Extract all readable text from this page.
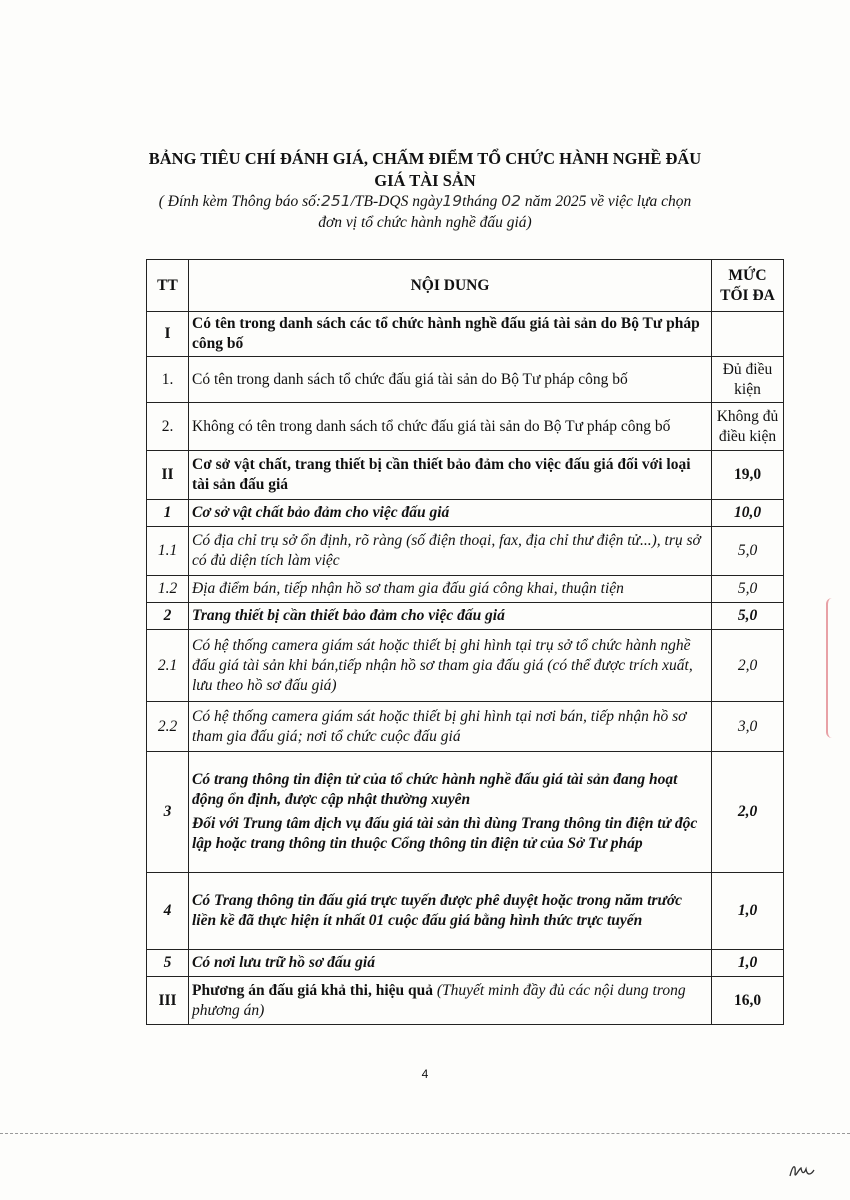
BẢNG TIÊU CHÍ ĐÁNH GIÁ, CHẤM ĐIỂM TỔ CHỨC HÀNH NGHỀ ĐẤU
GIÁ TÀI SẢN
( Đính kèm Thông báo số:251/TB-DQS ngày19tháng 02 năm 2025 về việc lựa chọn
đơn vị tổ chức hành nghề đấu giá)
TT	NỘI DUNG	MỨC TỐI ĐA
I	Có tên trong danh sách các tổ chức hành nghề đấu giá tài sản do Bộ Tư pháp công bố	
1.	Có tên trong danh sách tổ chức đấu giá tài sản do Bộ Tư pháp công bố	Đủ điều kiện
2.	Không có tên trong danh sách tổ chức đấu giá tài sản do Bộ Tư pháp công bố	Không đủ điều kiện
II	Cơ sở vật chất, trang thiết bị cần thiết bảo đảm cho việc đấu giá đối với loại tài sản đấu giá	19,0
1	Cơ sở vật chất bảo đảm cho việc đấu giá	10,0
1.1	Có địa chỉ trụ sở ổn định, rõ ràng (số điện thoại, fax, địa chỉ thư điện tử...), trụ sở có đủ diện tích làm việc	5,0
1.2	Địa điểm bán, tiếp nhận hồ sơ tham gia đấu giá công khai, thuận tiện	5,0
2	Trang thiết bị cần thiết bảo đảm cho việc đấu giá	5,0
2.1	Có hệ thống camera giám sát hoặc thiết bị ghi hình tại trụ sở tổ chức hành nghề đấu giá tài sản khi bán,tiếp nhận hồ sơ tham gia đấu giá (có thể được trích xuất, lưu theo hồ sơ đấu giá)	2,0
2.2	Có hệ thống camera giám sát hoặc thiết bị ghi hình tại nơi bán, tiếp nhận hồ sơ tham gia đấu giá; nơi tổ chức cuộc đấu giá	3,0
3	Có trang thông tin điện tử của tổ chức hành nghề đấu giá tài sản đang hoạt động ổn định, được cập nhật thường xuyên
Đối với Trung tâm dịch vụ đấu giá tài sản thì dùng Trang thông tin điện tử độc lập hoặc trang thông tin thuộc Cổng thông tin điện tử của Sở Tư pháp	2,0
4	Có Trang thông tin đấu giá trực tuyến được phê duyệt hoặc trong năm trước liền kề đã thực hiện ít nhất 01 cuộc đấu giá bằng hình thức trực tuyến	1,0
5	Có nơi lưu trữ hồ sơ đấu giá	1,0
III	Phương án đấu giá khả thi, hiệu quả (Thuyết minh đầy đủ các nội dung trong phương án)	16,0
4
